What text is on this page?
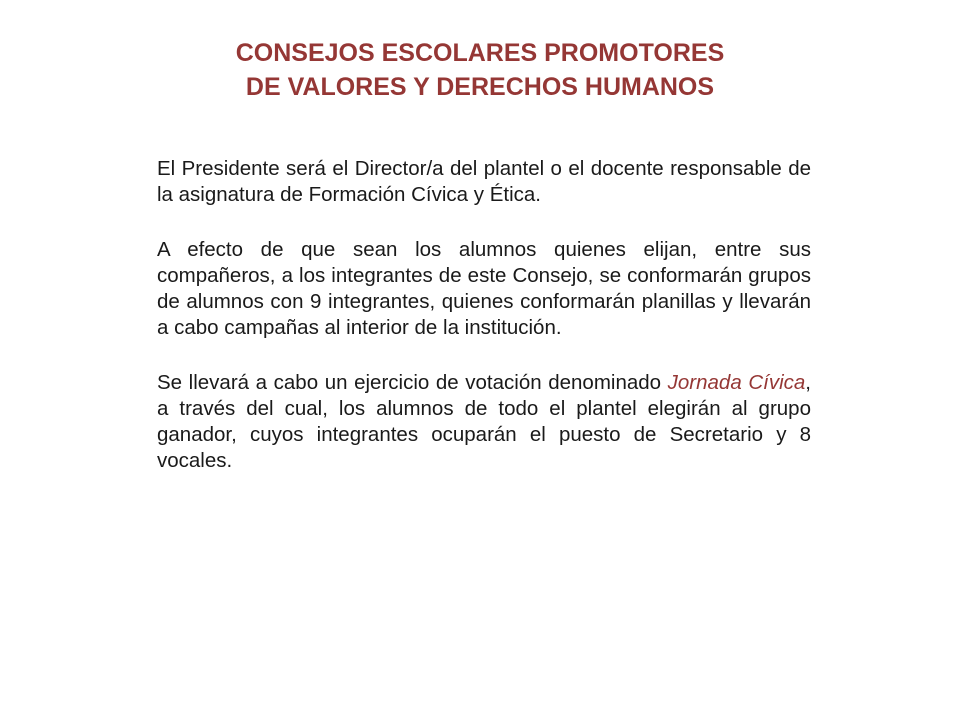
CONSEJOS ESCOLARES PROMOTORES
DE VALORES Y DERECHOS HUMANOS

El Presidente será el Director/a del plantel o el docente responsable de la asignatura de Formación Cívica y Ética.

A efecto de que sean los alumnos quienes elijan, entre sus compañeros, a los integrantes de este Consejo, se conformarán grupos de alumnos con 9 integrantes, quienes conformarán planillas y llevarán a cabo campañas al interior de la institución.

Se llevará a cabo un ejercicio de votación denominado Jornada Cívica, a través del cual, los alumnos de todo el plantel elegirán al grupo ganador, cuyos integrantes ocuparán el puesto de Secretario y 8 vocales.
